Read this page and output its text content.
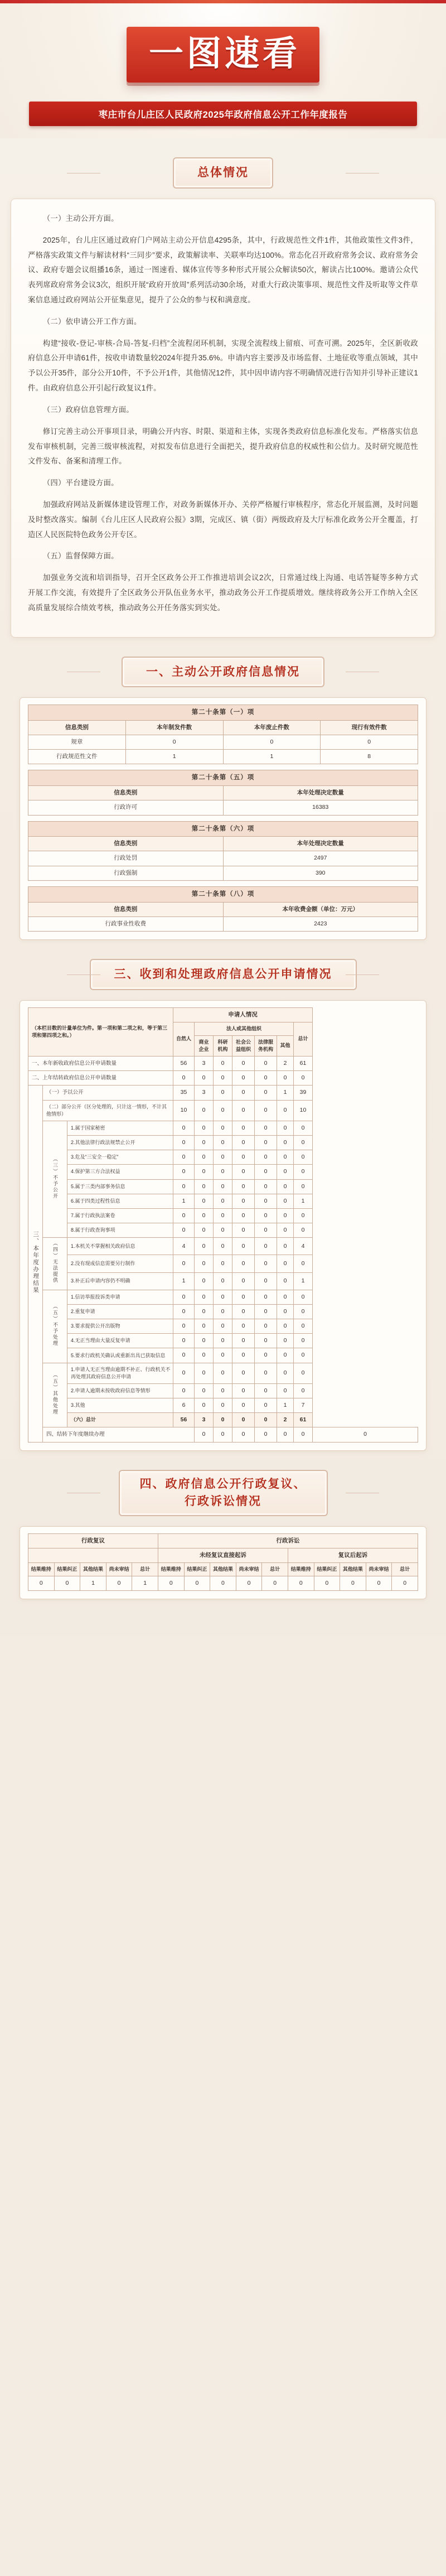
一图速看
枣庄市台儿庄区人民政府2025年政府信息公开工作年度报告
总体情况

（一）主动公开方面。

2025年，台儿庄区通过政府门户网站主动公开信息4295条，其中，行政规范性文件1件，其他政策性文件3件，严格落实政策文件与解读材料“三同步”要求，政策解读率、关联率均达100%。常态化召开政府常务会议、政府常务会议、政府专题会议组播16条，通过一图速看、媒体宣传等多种形式开展公众解读50次，解读占比100%。邀请公众代表列席政府常务会议3次，组织开展“政府开放周”系列活动30余场，对重大行政决策事项、规范性文件及听取等文件草案信息通过政府网站公开征集意见，提升了公众的参与权和满意度。

（二）依申请公开工作方面。

构建“接收-登记-审核-合局-答复-归档”全流程闭环机制，实现全流程线上留痕、可查可溯。2025年，全区新收政府信息公开申请61件，按收申请数量较2024年提升35.6%。申请内容主要涉及市场监督、土地征收等重点领域，其中予以公开35件，部分公开10件，不予公开1件，其他情况12件，其中因申请内容不明确情况进行告知并引导补正建议1件。由政府信息公开引起行政复议1件。

（三）政府信息管理方面。

修订完善主动公开事项目录，明确公开内容、时限、渠道和主体，实现各类政府信息标准化发布。严格落实信息发布审核机制，完善三级审核流程，对拟发布信息进行全面把关，提升政府信息的权威性和公信力。及时研究规范性文件发布、备案和清理工作。

（四）平台建设方面。

加强政府网站及新媒体建设管理工作，对政务新媒体开办、关停严格履行审核程序，常态化开展监测，及时问题及时整改落实。编制《台儿庄区人民政府公报》3期，完成区、镇（街）两级政府及大厅标准化政务公开全覆盖，打造区人民医院特色政务公开专区。

（五）监督保障方面。

加强业务交流和培训指导，召开全区政务公开工作推进培训会议2次，日常通过线上沟通、电话答疑等多种方式开展工作交流，有效提升了全区政务公开队伍业务水平，推动政务公开工作提质增效。继续将政务公开工作纳入全区高质量发展综合绩效考核，推动政务公开任务落实到实处。

一、主动公开政府信息情况
第二十条第（一）项			
信息类别	本年制发件数	本年废止件数	现行有效件数
规章	0	0	0
行政规范性文件	1	1	8
第二十条第（五）项	
信息类别	本年处理决定数量
行政许可	16383
第二十条第（六）项	
信息类别	本年处理决定数量
行政处罚	2497
行政强制	390
第二十条第（八）项	
信息类别	本年收费金额（单位：万元）
行政事业性收费	2423
三、收到和处理政府信息公开申请情况
（本栏目数的计量单位为件。第一项和第二项之和，等于第三项和第四项之和。）			申请人情况							
			自然人	法人或其他组织					总计	
				商业企业	科研机构	社会公益组织	法律服务机构	其他		
一、本年新收政府信息公开申请数量			56	3	0	0	0	2	61	
二、上年结转政府信息公开申请数量			0	0	0	0	0	0	0	
三、本年度办理结果	（一）予以公开		35	3	0	0	0	1	39	
	（二）部分公开（区分处理的，只计这一情形，不计其他情形）		10	0	0	0	0	0	10	
	（三）不予公开	1.属于国家秘密	0	0	0	0	0	0	0	
		2.其他法律行政法规禁止公开	0	0	0	0	0	0	0	
		3.危及“三安全一稳定”	0	0	0	0	0	0	0	
		4.保护第三方合法权益	0	0	0	0	0	0	0	
		5.属于三类内部事务信息	0	0	0	0	0	0	0	
		6.属于四类过程性信息	1	0	0	0	0	0	1	
		7.属于行政执法案卷	0	0	0	0	0	0	0	
		8.属于行政查询事项	0	0	0	0	0	0	0	
	（四）无法提供	1.本机关不掌握相关政府信息	4	0	0	0	0	0	4	
		2.没有现成信息需要另行制作	0	0	0	0	0	0	0	
		3.补正后申请内容仍不明确	1	0	0	0	0	0	1	
	（五）不予处理	1.信访举报投诉类申请	0	0	0	0	0	0	0	
		2.重复申请	0	0	0	0	0	0	0	
		3.要求提供公开出版物	0	0	0	0	0	0	0	
		4.无正当理由大量反复申请	0	0	0	0	0	0	0	
		5.要求行政机关确认或重新出具已获取信息	0	0	0	0	0	0	0	
	（五）其他处理	1.申请人无正当理由逾期不补正、行政机关不再处理其政府信息公开申请	0	0	0	0	0	0	0	
		2.申请人逾期未按收政府信息等情形	0	0	0	0	0	0	0	
		3.其他	6	0	0	0	0	1	7	
		（六）总计	56	3	0	0	0	2	61	
	四、结转下年度继续办理			0	0	0	0	0	0	0
四、政府信息公开行政复议、
行政诉讼情况
行政复议					行政诉讼									
					未经复议直接起诉					复议后起诉				
结果维持	结果纠正	其他结果	尚未审结	总计	结果维持	结果纠正	其他结果	尚未审结	总计	结果维持	结果纠正	其他结果	尚未审结	总计
0	0	1	0	1	0	0	0	0	0	0	0	0	0	0
